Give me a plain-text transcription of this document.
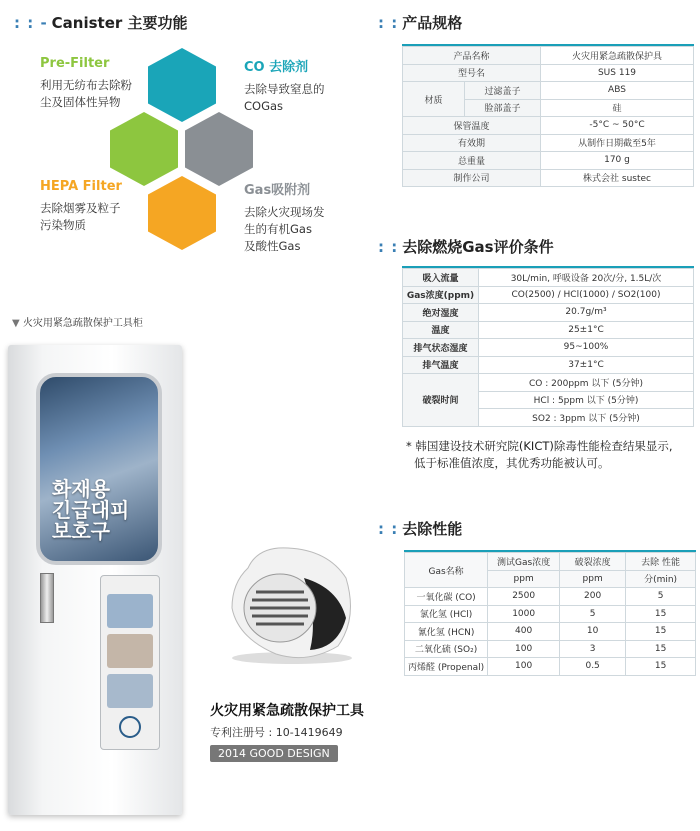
: : - Canister 主要功能
Pre-Filter
利用无纺布去除粉
尘及固体性异物
CO 去除剂
去除导致窒息的
COGas
HEPA Filter
去除烟雾及粒子
污染物质
Gas吸附剂
去除火灾现场发
生的有机Gas
及酸性Gas
▼ 火灾用紧急疏散保护工具柜
화재용
긴급대피
보호구
火灾用紧急疏散保护工具
专利注册号 : 10-1419649
2014 GOOD DESIGN
: : 产品规格
产品名称		火灾用紧急疏散保护具
型号名		SUS 119
材质	过滤盖子	ABS
	脸部盖子	硅
保管温度		-5°C ~ 50°C
有效期		从制作日期截至5年
总重量		170 g
制作公司		株式会社 sustec
: : 去除燃烧Gas评价条件
吸入流量	30L/min, 呼吸设备 20次/分, 1.5L/次
Gas浓度(ppm)	CO(2500) / HCl(1000) / SO2(100)
绝对湿度	20.7g/m³
温度	25±1°C
排气状态湿度	95~100%
排气温度	37±1°C
破裂时间	CO : 200ppm 以下 (5分钟)
	HCl : 5ppm 以下 (5分钟)
	SO2 : 3ppm 以下 (5分钟)
* 韩国建设技术研究院(KICT)除毒性能检查结果显示,
低于标准值浓度，其优秀功能被认可。
: : 去除性能
Gas名称	测试Gas浓度	破裂浓度	去除 性能
	ppm	ppm	分(min)
一氧化碳 (CO)	2500	200	5
氯化氢 (HCl)	1000	5	15
氰化氢 (HCN)	400	10	15
二氧化硫 (SO₂)	100	3	15
丙烯醛 (Propenal)	100	0.5	15
